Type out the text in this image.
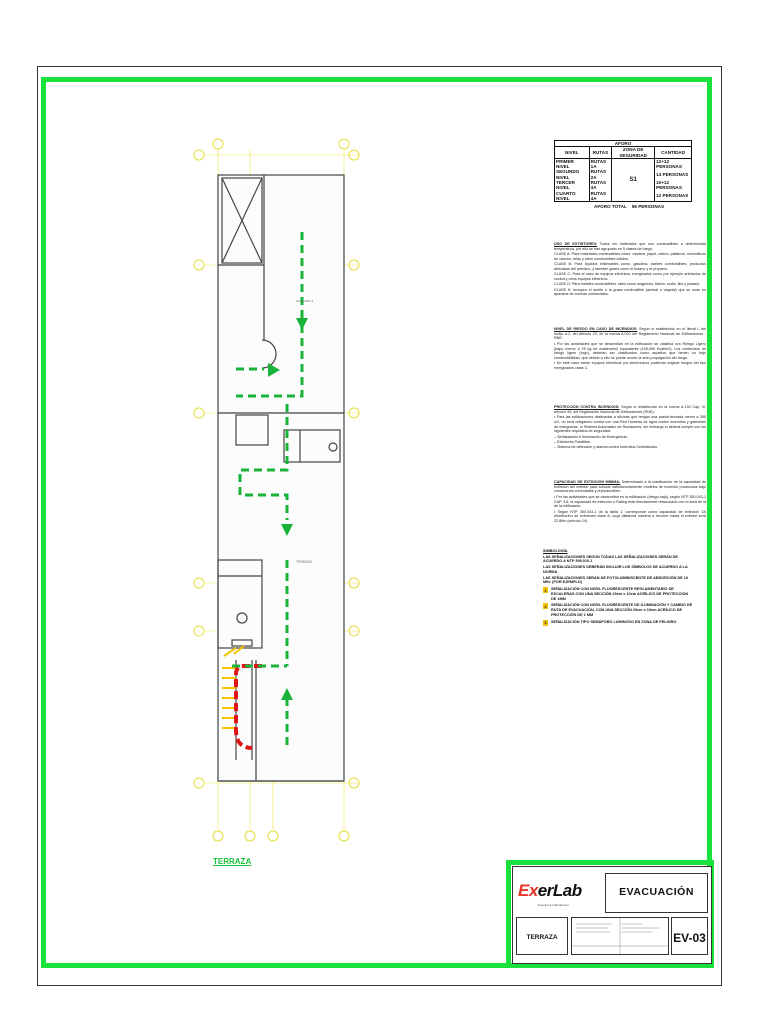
ALMACÉN 3
TERRAZA
AFORO			
NIVEL	RUTAS	ZONA DE SEGURIDAD	CANTIDAD
PRIMER NIVEL	RUTAS 1A	S1	12+12 PERSONAS
SEGUNDO NIVEL	RUTAS 2A		14 PERSONAS
TERCER NIVEL	RUTAS 3A		10+12 PERSONAS
CUARTO NIVEL	RUTAS 4A		12 PERSONAS
AFORO TOTAL 56 PERSONAS

USO DE EXTINTORES: Todos los materiales que son combustibles a determinada temperatura, por ello se han agrupado en 5 clases de fuego:

CLASE A: Para materiales combustibles como: madera, papel, cartón, plásticos, neumáticos de caucho, telas y otros combustibles sólidos.

CLASE B: Para líquidos inflamables como: gasolina, aceites combustibles, productos derivados del petróleo, y también gases como el butano y el propano.

CLASE C: Para el caso de equipos eléctricos energizados como por ejemplo artefactos de cocina y otros equipos eléctricos.

CLASE D: Para metales combustibles, tales como magnesio, titanio, sodio, litio y potasio.

CLASE K: Incluyen el aceite o la grasa combustible (animal o vegetal) que se usan en aparatos de cocinas comerciales.

NIVEL DE RIESGO EN CASO DE INCENDIOS: Según lo establecido en el literal L del inciso a.2, del artículo 23, de la norma A.010 del Reglamento Nacional de Edificaciones - RNE:

• Por las actividades que se desarrollan en la edificación se clasifica con Riesgo Ligero (bajo) menor a 25 kg de madera/m2 equivalente (100,000 Kcal/m2). Los contenidos de riesgo ligero (bajo), deberán ser clasificados como aquellos que tienen un bajo combustibilidad, que debido a ello no puede ocurrir la auto propagación del fuego.

• En este caso existe equipos eléctricos y/o electrónicos pudiendo originar fuegos del tipo energizados clase C.

PROTECCIÓN CONTRA INCENDIOS: Según lo establecido en la norma A.130 Cap. III, artículo 90, del Reglamento Nacional de Edificaciones (RNE):

• Para las edificaciones destinadas a oficinas que tengan una planta techada menor a 280 m2, no será obligatorio contar con una Red Húmeda de agua contra incendios y gabinetes de mangueras, ni Sistema Automático de Rociadores, sin embargo sí deberá cumplir con los siguientes requisitos de seguridad:

– Señalización e Iluminación de Emergencia.

– Extintores Portátiles.

– Sistema de detección y alarma contra incendios Centralizado.

CAPACIDAD DE EXTINCIÓN MÍNIMA: Determinado a la clasificación de la capacidad de extinción del extintor para sofocar satisfactoriamente modelos de incendio producidos bajo condiciones controladas y reproducibles:

• Por las actividades que se desarrollan en la edificación (riesgo bajo), según NTP 350.043-1 CAP. 4.8, la capacidad de extinción o Rating está directamente relacionado con el área de la de la edificación.

• Según NTP 350.043-1 de la tabla 1, corresponde como capacidad de extinción 2A distribución de extintores clase A, cuya distancia máxima a recorrer hasta el extintor será 22.86m (artículo 24)

SIMBOLOGÍA

LAS SEÑALIZACIONES SEGÚN TODAS LAS SEÑALIZACIONES SERÁN DE ACUERDO A NTP 399.010-1

LAS SEÑALIZACIONES DEBERÁN INCLUIR LOS SÍMBOLOS DE ACUERDO A LA NORMA

LAS SEÑALIZACIONES SERÁN DE FOTOLUMINISCENTE DE ABSORCIÓN DE 10 MIN. (POR EJEMPLO)

1	SEÑALIZACIÓN CON NIVEL FLUORESCENTE REGLAMENTARIO DE ESCALERAS CON UNA SECCIÓN 20cm x 10cm ACRÍLICO DE PROTECCIÓN DE 1MM
2	SEÑALIZACIÓN CON NIVEL FLUORESCENTE DE ILUMINACIÓN Y CAMBIO DE RUTA DE EVACUACIÓN, CON UNA SECCIÓN 20cm x 10cm ACRÍLICO DE PROTECCIÓN DE 1 MM
3	SEÑALIZACIÓN TIPO SEMÁFORO LUMINOSO EN ZONA DE PELIGRO
TERRAZA
ExerLab
Energía & Laboratorios
EVACUACIÓN
TERRAZA	EV-03
